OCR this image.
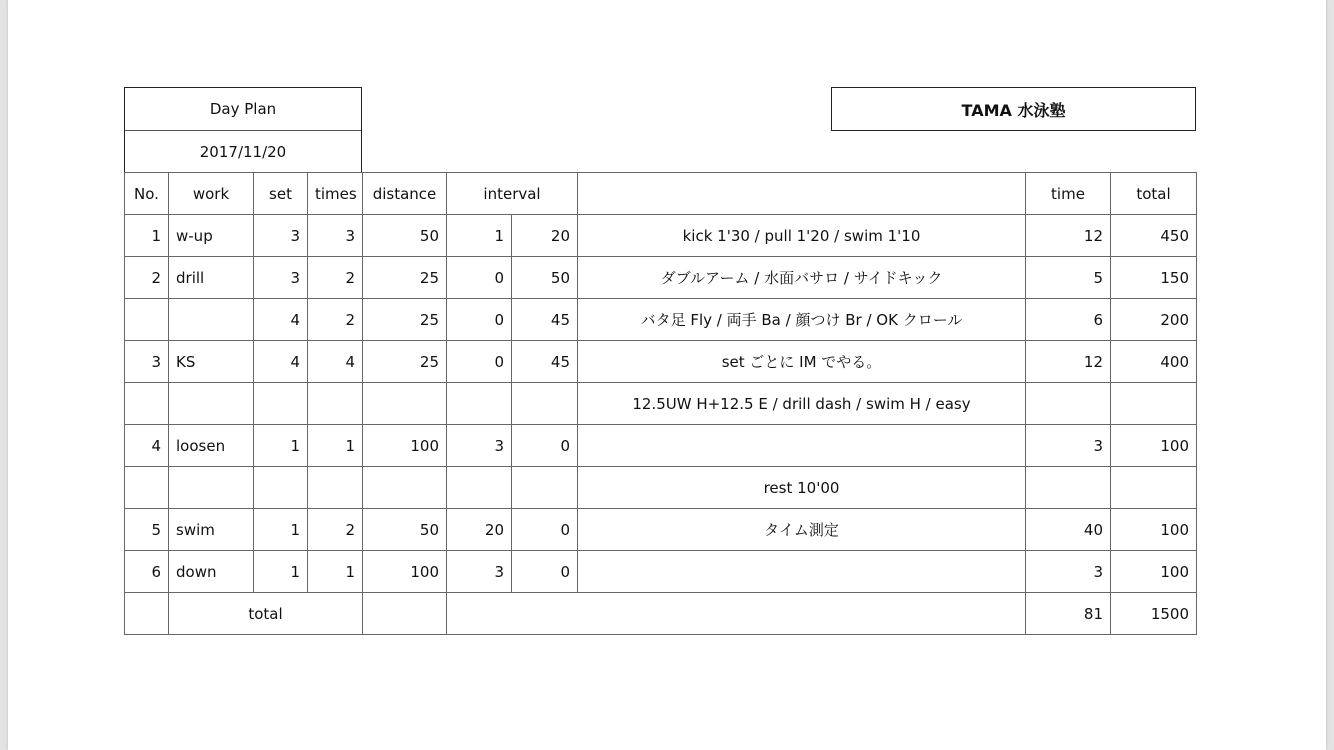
Day Plan
2017/11/20
TAMA 水泳塾
No.	work	set	times	distance	interval			time	total
1	w-up	3	3	50	1	20	kick 1'30 / pull 1'20 / swim 1'10	12	450
2	drill	3	2	25	0	50	ダブルアーム / 水面バサロ / サイドキック	5	150
		4	2	25	0	45	バタ足 Fly / 両手 Ba / 顔つけ Br / OK クロール	6	200
3	KS	4	4	25	0	45	set ごとに IM でやる。	12	400
							12.5UW H+12.5 E / drill dash / swim H / easy		
4	loosen	1	1	100	3	0		3	100
							rest 10'00		
5	swim	1	2	50	20	0	タイム測定	40	100
6	down	1	1	100	3	0		3	100
	total							81	1500
